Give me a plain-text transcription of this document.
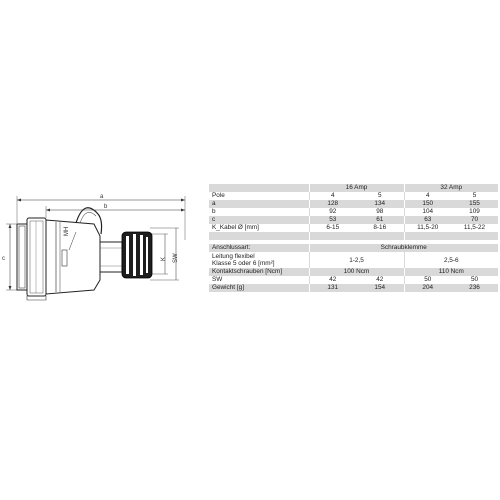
a
b
c	K SW
MH
	16 Amp		32 Amp	
Pole	4	5	4	5
a	128	134	150	155
b	92	98	104	109
c	53	61	63	70
K_Kabel Ø [mm]	6-15	8-16	11,5-20	11,5-22

Anschlussart:	Schraubklemme			

Leitung flexibel
Klasse 5 oder 6 [mm²]	1-2,5		2,5-6	
Kontaktschrauben [Ncm]	100 Ncm		110 Ncm	
SW	42	42	50	50
Gewicht [g]	131	154	204	236
